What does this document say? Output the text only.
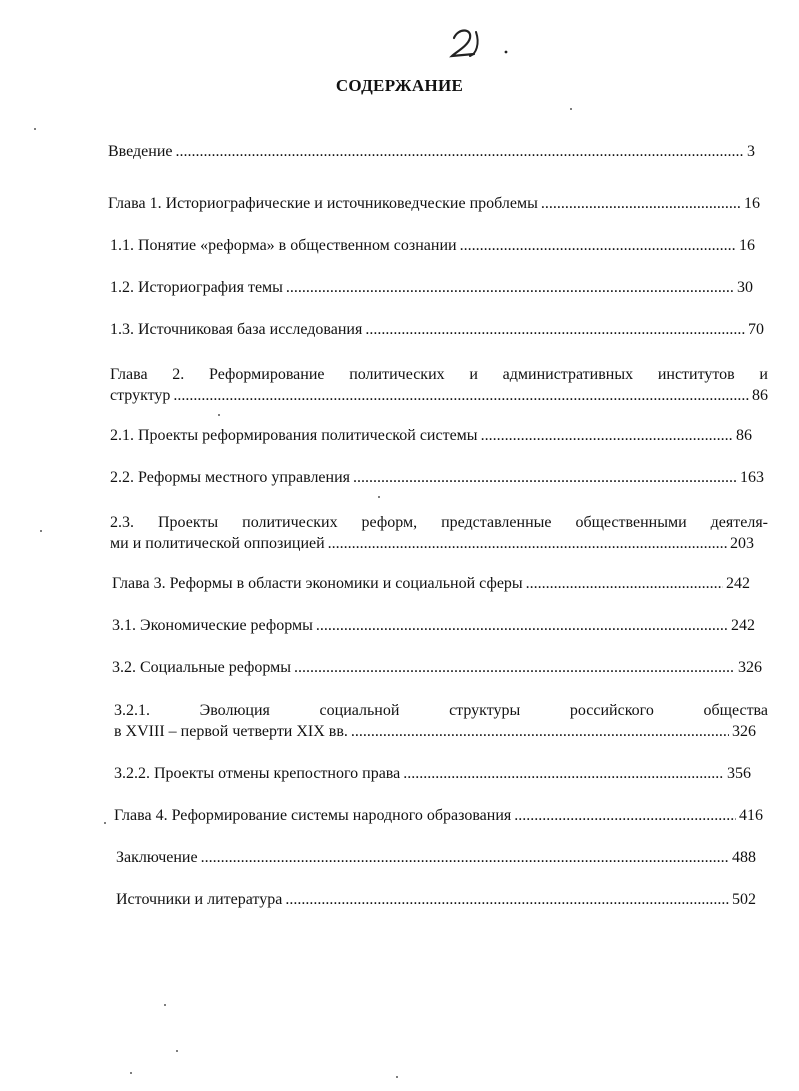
СОДЕРЖАНИЕ
Введение .....	3
Глава 1. Историографические и источниковедческие проблемы .....	16
1.1. Понятие «реформа» в общественном сознании .....	16
1.2. Историография темы .....	30
1.3. Источниковая база исследования .....	70
Глава 2. Реформирование политических и административных институтов и
структур .....	86
2.1. Проекты реформирования политической системы .....	86
2.2. Реформы местного управления .....	163
2.3. Проекты политических реформ, представленные общественными деятеля-
ми и политической оппозицией .....	203
Глава 3. Реформы в области экономики и социальной сферы .....	242
3.1. Экономические реформы .....	242
3.2. Социальные реформы .....	326
3.2.1. Эволюция социальной структуры российского общества
в XVIII – первой четверти XIX вв. .....	326
3.2.2. Проекты отмены крепостного права .....	356
Глава 4. Реформирование системы народного образования .....	416
Заключение .....	488
Источники и литература .....	502
